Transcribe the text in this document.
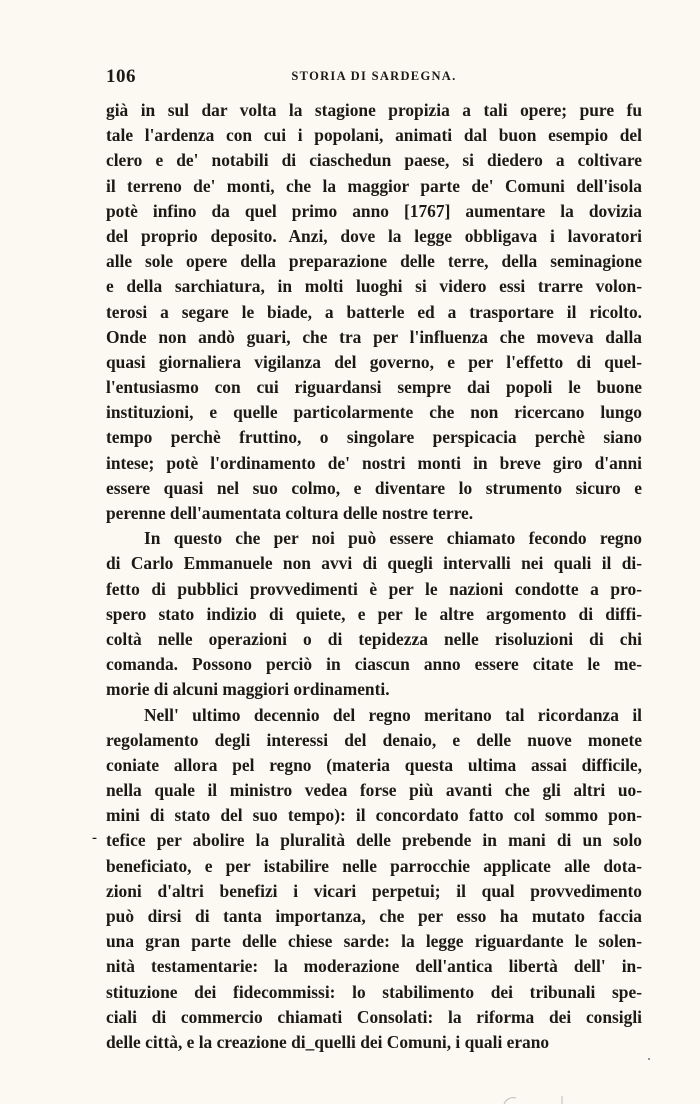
106	STORIA DI SARDEGNA.
-
già in sul dar volta la stagione propizia a tali opere; pure fu
tale l'ardenza con cui i popolani, animati dal buon esempio del
clero e de' notabili di ciaschedun paese, si diedero a coltivare
il terreno de' monti, che la maggior parte de' Comuni dell'isola
potè infino da quel primo anno [1767] aumentare la dovizia
del proprio deposito. Anzi, dove la legge obbligava i lavoratori
alle sole opere della preparazione delle terre, della seminagione
e della sarchiatura, in molti luoghi si videro essi trarre volon-
terosi a segare le biade, a batterle ed a trasportare il ricolto.
Onde non andò guari, che tra per l'influenza che moveva dalla
quasi giornaliera vigilanza del governo, e per l'effetto di quel-
l'entusiasmo con cui riguardansi sempre dai popoli le buone
instituzioni, e quelle particolarmente che non ricercano lungo
tempo perchè fruttino, o singolare perspicacia perchè siano
intese; potè l'ordinamento de' nostri monti in breve giro d'anni
essere quasi nel suo colmo, e diventare lo strumento sicuro e
perenne dell'aumentata coltura delle nostre terre.
In questo che per noi può essere chiamato fecondo regno
di Carlo Emmanuele non avvi di quegli intervalli nei quali il di-
fetto di pubblici provvedimenti è per le nazioni condotte a pro-
spero stato indizio di quiete, e per le altre argomento di diffi-
coltà nelle operazioni o di tepidezza nelle risoluzioni di chi
comanda. Possono perciò in ciascun anno essere citate le me-
morie di alcuni maggiori ordinamenti.
Nell' ultimo decennio del regno meritano tal ricordanza il
regolamento degli interessi del denaio, e delle nuove monete
coniate allora pel regno (materia questa ultima assai difficile,
nella quale il ministro vedea forse più avanti che gli altri uo-
mini di stato del suo tempo): il concordato fatto col sommo pon-
tefice per abolire la pluralità delle prebende in mani di un solo
beneficiato, e per istabilire nelle parrocchie applicate alle dota-
zioni d'altri benefizi i vicari perpetui; il qual provvedimento
può dirsi di tanta importanza, che per esso ha mutato faccia
una gran parte delle chiese sarde: la legge riguardante le solen-
nità testamentarie: la moderazione dell'antica libertà dell' in-
stituzione dei fidecommissi: lo stabilimento dei tribunali spe-
ciali di commercio chiamati Consolati: la riforma dei consigli
delle città, e la creazione di_quelli dei Comuni, i quali erano
